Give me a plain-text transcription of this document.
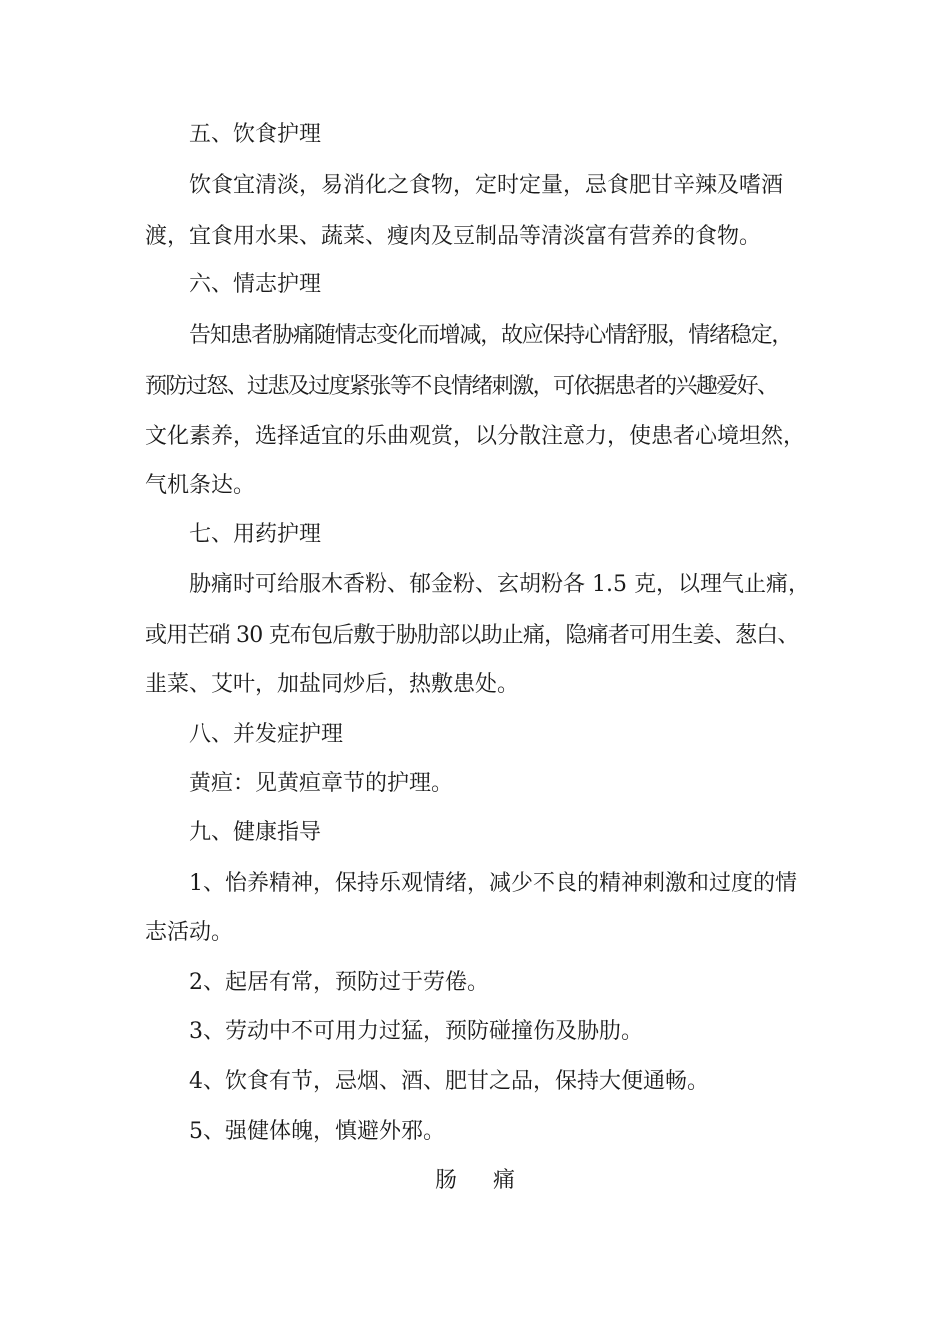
五、饮食护理
饮食宜清淡，易消化之食物，定时定量，忌食肥甘辛辣及嗜酒
渡，宜食用水果、蔬菜、瘦肉及豆制品等清淡富有营养的食物。
六、情志护理
告知患者胁痛随情志变化而增减，故应保持心情舒服，情绪稳定，
预防过怒、过悲及过度紧张等不良情绪刺激，可依据患者的兴趣爱好、
文化素养，选择适宜的乐曲观赏，以分散注意力，使患者心境坦然，
气机条达。
七、用药护理
胁痛时可给服木香粉、郁金粉、玄胡粉各 1.5 克，以理气止痛，
或用芒硝 30 克布包后敷于胁肋部以助止痛，隐痛者可用生姜、葱白、
韭菜、艾叶，加盐同炒后，热敷患处。
八、并发症护理
黄疸：见黄疸章节的护理。
九、健康指导
1、怡养精神，保持乐观情绪，减少不良的精神刺激和过度的情
志活动。
2、起居有常，预防过于劳倦。
3、劳动中不可用力过猛，预防碰撞伤及胁肋。
4、饮食有节，忌烟、酒、肥甘之品，保持大便通畅。
5、强健体魄，慎避外邪。
肠痛
